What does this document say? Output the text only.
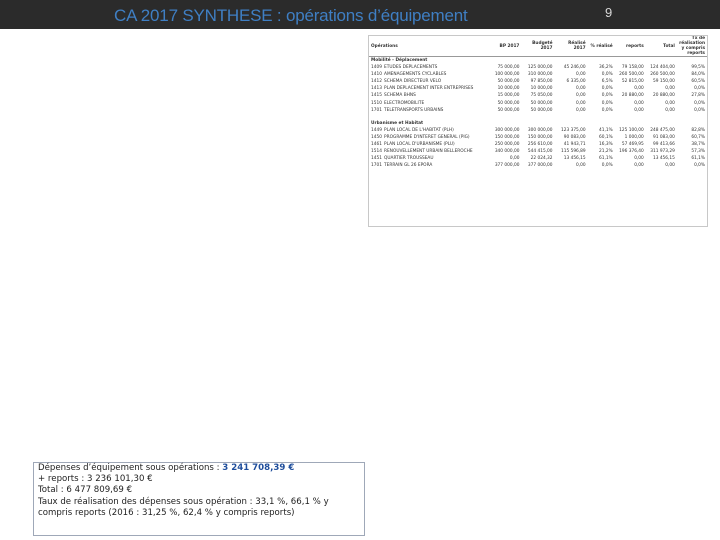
CA 2017 SYNTHESE : opérations d’équipement	9
Opérations		BP 2017	Budgeté 2017	Réalisé 2017	% réalisé	reports	Total	Tx de réalisation y compris reports
Mobilité - Déplacement								
1409	ETUDES DEPLACEMENTS	75 000,00	125 000,00	45 246,00	36,2%	79 158,00	124 404,00	99,5%
1410	AMENAGEMENTS CYCLABLES	100 000,00	310 000,00	0,00	0,0%	260 500,00	260 500,00	84,0%
1412	SCHEMA DIRECTEUR VELO	50 000,00	97 850,00	6 335,00	6,5%	52 815,00	59 150,00	60,5%
1413	PLAN DEPLACEMENT INTER ENTREPRISES	10 000,00	10 000,00	0,00	0,0%	0,00	0,00	0,0%
1415	SCHEMA BHNS	15 000,00	75 050,00	0,00	0,0%	20 880,00	20 880,00	27,8%
1510	ELECTROMOBILITE	50 000,00	50 000,00	0,00	0,0%	0,00	0,00	0,0%
1701	TELETRANSPORTS URBAINS	50 000,00	50 000,00	0,00	0,0%	0,00	0,00	0,0%

Urbanisme et Habitat								
1449	PLAN LOCAL DE L'HABITAT (PLH)	300 000,00	300 000,00	123 375,00	41,1%	125 100,00	248 475,00	82,8%
1450	PROGRAMME D'INTERET GENERAL (PIG)	150 000,00	150 000,00	90 083,00	60,1%	1 000,00	91 083,00	60,7%
1461	PLAN LOCAL D'URBANISME (PLU)	250 000,00	256 610,00	41 943,71	16,3%	57 469,95	99 413,66	38,7%
1514	RENOUVELLEMENT URBAIN BELLEROCHE	340 000,00	544 415,00	115 596,89	21,2%	196 376,40	311 973,29	57,3%
1451	QUARTIER TROUSSEAU	0,00	22 024,32	13 456,15	61,1%	0,00	13 456,15	61,1%
1701	TERRAIN GL 26 EPORA	377 000,00	377 000,00	0,00	0,0%	0,00	0,00	0,0%

Dépenses d’équipement sous opérations : 3 241 708,39 €

+ reports : 3 236 101,30 €

Total : 6 477 809,69 €

Taux de réalisation des dépenses sous opération : 33,1 %, 66,1 % y compris reports (2016 : 31,25 %, 62,4 % y compris reports)
